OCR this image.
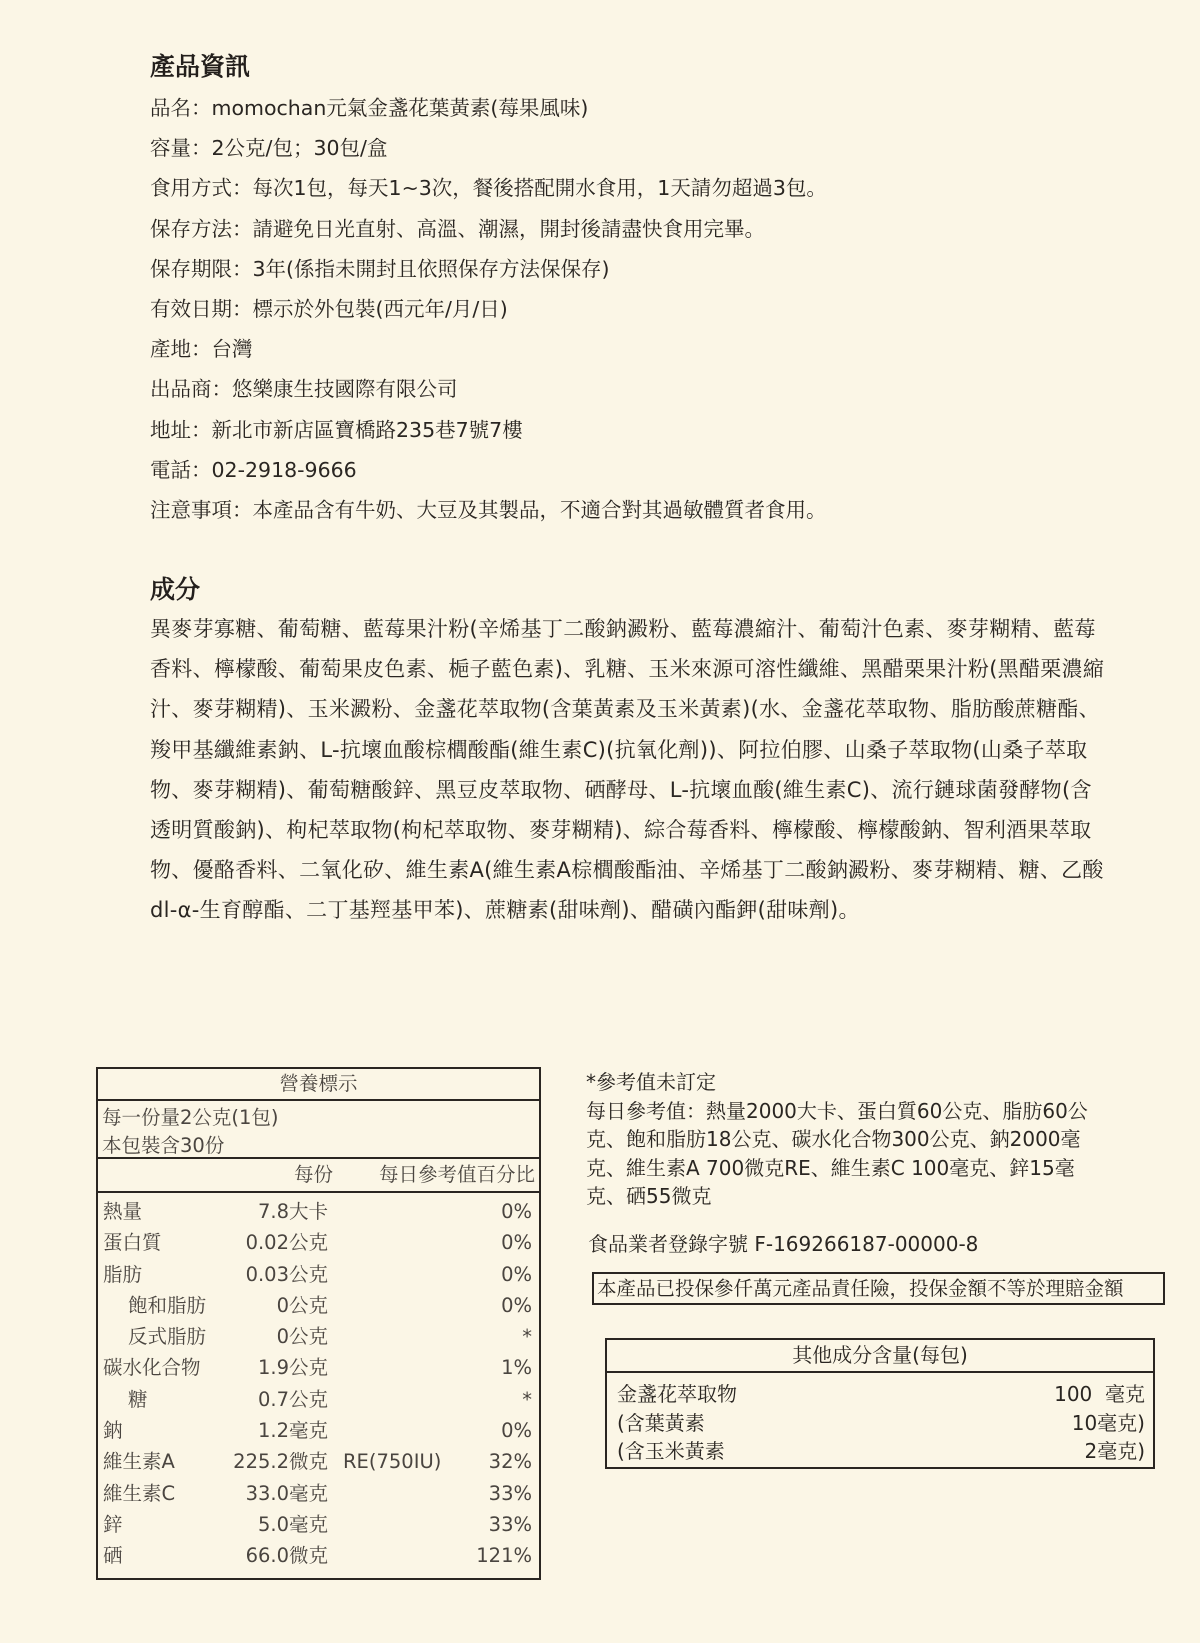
產品資訊
品名：momochan元氣金盞花葉黃素(莓果風味)
容量：2公克/包；30包/盒
食用方式：每次1包，每天1~3次，餐後搭配開水食用，1天請勿超過3包。
保存方法：請避免日光直射、高溫、潮濕，開封後請盡快食用完畢。
保存期限：3年(係指未開封且依照保存方法保保存)
有效日期：標示於外包裝(西元年/月/日)
產地：台灣
出品商：悠樂康生技國際有限公司
地址：新北市新店區寶橋路235巷7號7樓
電話：02-2918-9666
注意事項：本產品含有牛奶、大豆及其製品，不適合對其過敏體質者食用。
成分

異麥芽寡糖、葡萄糖、藍莓果汁粉(辛烯基丁二酸鈉澱粉、藍莓濃縮汁、葡萄汁色素、麥芽糊精、藍莓香料、檸檬酸、葡萄果皮色素、梔子藍色素)、乳糖、玉米來源可溶性纖維、黑醋栗果汁粉(黑醋栗濃縮汁、麥芽糊精)、玉米澱粉、金盞花萃取物(含葉黃素及玉米黃素)(水、金盞花萃取物、脂肪酸蔗糖酯、羧甲基纖維素鈉、L-抗壞血酸棕櫚酸酯(維生素C)(抗氧化劑))、阿拉伯膠、山桑子萃取物(山桑子萃取物、麥芽糊精)、葡萄糖酸鋅、黑豆皮萃取物、硒酵母、L-抗壞血酸(維生素C)、流行鏈球菌發酵物(含透明質酸鈉)、枸杞萃取物(枸杞萃取物、麥芽糊精)、綜合莓香料、檸檬酸、檸檬酸鈉、智利酒果萃取物、優酪香料、二氧化矽、維生素A(維生素A棕櫚酸酯油、辛烯基丁二酸鈉澱粉、麥芽糊精、糖、乙酸dl-α-生育醇酯、二丁基羥基甲苯)、蔗糖素(甜味劑)、醋磺內酯鉀(甜味劑)。

營養標示
每一份量2公克(1包)
本包裝含30份
每份 每日參考值百分比
熱量	7.8大卡	0%
蛋白質	0.02公克	0%
脂肪	0.03公克	0%
飽和脂肪	0公克	0%
反式脂肪	0公克	*
碳水化合物	1.9公克	1%
糖	0.7公克	*
鈉	1.2毫克	0%
維生素A	225.2微克 RE(750IU) 32%
維生素C	33.0毫克	33%
鋅	5.0毫克	33%
硒	66.0微克	121%
*參考值未訂定
每日參考值：熱量2000大卡、蛋白質60公克、脂肪60公
克、飽和脂肪18公克、碳水化合物300公克、鈉2000毫
克、維生素A 700微克RE、維生素C 100毫克、鋅15毫
克、硒55微克
食品業者登錄字號 F-169266187-00000-8
本產品已投保參仟萬元產品責任險，投保金額不等於理賠金額
其他成分含量(每包)
金盞花萃取物	100  毫克
(含葉黃素	10毫克)
(含玉米黃素	2毫克)
